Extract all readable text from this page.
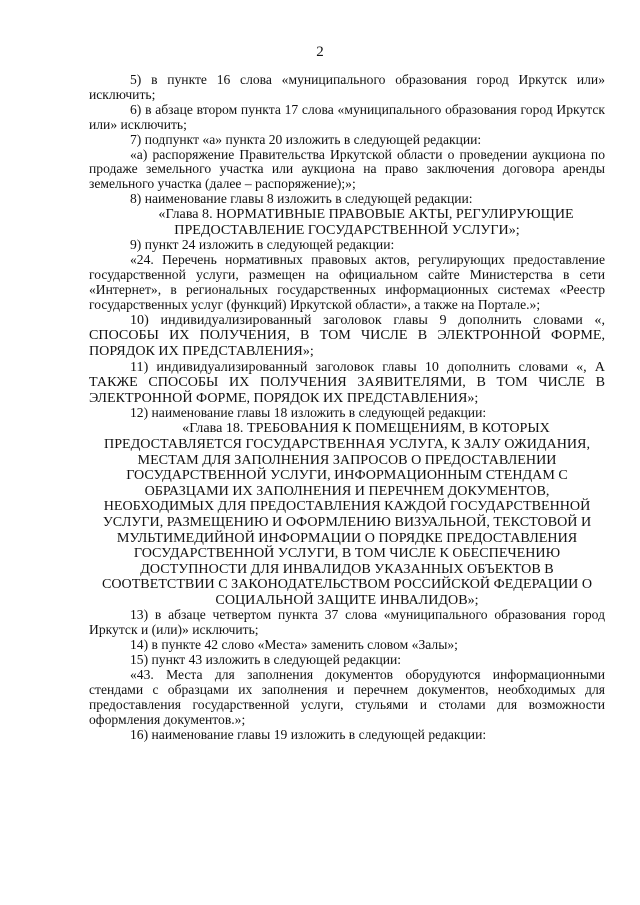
2

5) в пункте 16 слова «муниципального образования город Иркутск или» исключить;

6) в абзаце втором пункта 17 слова «муниципального образования город Иркутск или» исключить;

7) подпункт «а» пункта 20 изложить в следующей редакции:

«а) распоряжение Правительства Иркутской области о проведении аукциона по продаже земельного участка или аукциона на право заключения договора аренды земельного участка (далее – распоряжение);»;

8) наименование главы 8 изложить в следующей редакции:

«Глава 8. НОРМАТИВНЫЕ ПРАВОВЫЕ АКТЫ, РЕГУЛИРУЮЩИЕ ПРЕДОСТАВЛЕНИЕ ГОСУДАРСТВЕННОЙ УСЛУГИ»;

9) пункт 24 изложить в следующей редакции:

«24. Перечень нормативных правовых актов, регулирующих предоставление государственной услуги, размещен на официальном сайте Министерства в сети «Интернет», в региональных государственных информационных системах «Реестр государственных услуг (функций) Иркутской области», а также на Портале.»;

10) индивидуализированный заголовок главы 9 дополнить словами «, СПОСОБЫ ИХ ПОЛУЧЕНИЯ, В ТОМ ЧИСЛЕ В ЭЛЕКТРОННОЙ ФОРМЕ, ПОРЯДОК ИХ ПРЕДСТАВЛЕНИЯ»;

11) индивидуализированный заголовок главы 10 дополнить словами «, А ТАКЖЕ СПОСОБЫ ИХ ПОЛУЧЕНИЯ ЗАЯВИТЕЛЯМИ, В ТОМ ЧИСЛЕ В ЭЛЕКТРОННОЙ ФОРМЕ, ПОРЯДОК ИХ ПРЕДСТАВЛЕНИЯ»;

12) наименование главы 18 изложить в следующей редакции:

«Глава 18. ТРЕБОВАНИЯ К ПОМЕЩЕНИЯМ, В КОТОРЫХ ПРЕДОСТАВЛЯЕТСЯ ГОСУДАРСТВЕННАЯ УСЛУГА, К ЗАЛУ ОЖИДАНИЯ, МЕСТАМ ДЛЯ ЗАПОЛНЕНИЯ ЗАПРОСОВ О ПРЕДОСТАВЛЕНИИ ГОСУДАРСТВЕННОЙ УСЛУГИ, ИНФОРМАЦИОННЫМ СТЕНДАМ С ОБРАЗЦАМИ ИХ ЗАПОЛНЕНИЯ И ПЕРЕЧНЕМ ДОКУМЕНТОВ, НЕОБХОДИМЫХ ДЛЯ ПРЕДОСТАВЛЕНИЯ КАЖДОЙ ГОСУДАРСТВЕННОЙ УСЛУГИ, РАЗМЕЩЕНИЮ И ОФОРМЛЕНИЮ ВИЗУАЛЬНОЙ, ТЕКСТОВОЙ И МУЛЬТИМЕДИЙНОЙ ИНФОРМАЦИИ О ПОРЯДКЕ ПРЕДОСТАВЛЕНИЯ ГОСУДАРСТВЕННОЙ УСЛУГИ, В ТОМ ЧИСЛЕ К ОБЕСПЕЧЕНИЮ ДОСТУПНОСТИ ДЛЯ ИНВАЛИДОВ УКАЗАННЫХ ОБЪЕКТОВ В СООТВЕТСТВИИ С ЗАКОНОДАТЕЛЬСТВОМ РОССИЙСКОЙ ФЕДЕРАЦИИ О СОЦИАЛЬНОЙ ЗАЩИТЕ ИНВАЛИДОВ»;

13) в абзаце четвертом пункта 37 слова «муниципального образования город Иркутск и (или)» исключить;

14) в пункте 42 слово «Места» заменить словом «Залы»;

15) пункт 43 изложить в следующей редакции:

«43. Места для заполнения документов оборудуются информационными стендами с образцами их заполнения и перечнем документов, необходимых для предоставления государственной услуги, стульями и столами для возможности оформления документов.»;

16) наименование главы 19 изложить в следующей редакции:
